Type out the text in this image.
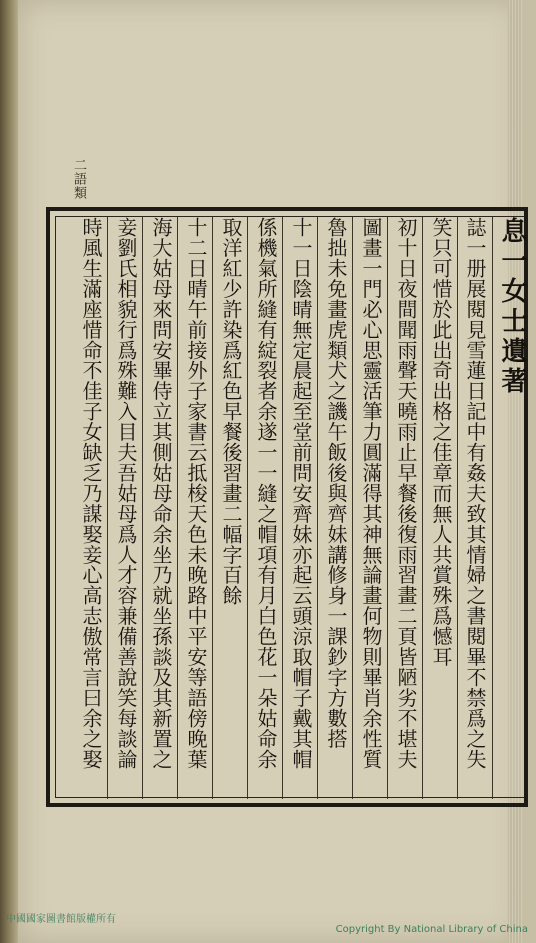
二語類
息一女士遺著
誌一册展閱見雪蓮日記中有姦夫致其情婦之書閱畢不禁爲之失
笑只可惜於此出奇出格之佳章而無人共賞殊爲憾耳
初十日夜間聞雨聲天曉雨止早餐後復雨習畫二頁皆陋劣不堪夫
圖畫一門必心思靈活筆力圓滿得其神無論畫何物則畢肖余性質
魯拙未免畫虎類犬之譏午飯後與齊妹講修身一課鈔字方數搭
十一日陰晴無定晨起至堂前問安齊妹亦起云頭涼取帽子戴其帽
係機氣所縫有綻裂者余遂一一縫之帽項有月白色花一朵姑命余
取洋紅少許染爲紅色早餐後習畫二幅字百餘
十二日晴午前接外子家書云抵梭天色未晚路中平安等語傍晚葉
海大姑母來問安畢侍立其側姑母命余坐乃就坐孫談及其新置之
妾劉氏相貌行爲殊難入目夫吾姑母爲人才容兼備善說笑每談論
時風生滿座惜命不佳子女缺乏乃謀娶妾心高志傲常言曰余之娶
中國國家圖書館版權所有
Copyright By National Library of China
